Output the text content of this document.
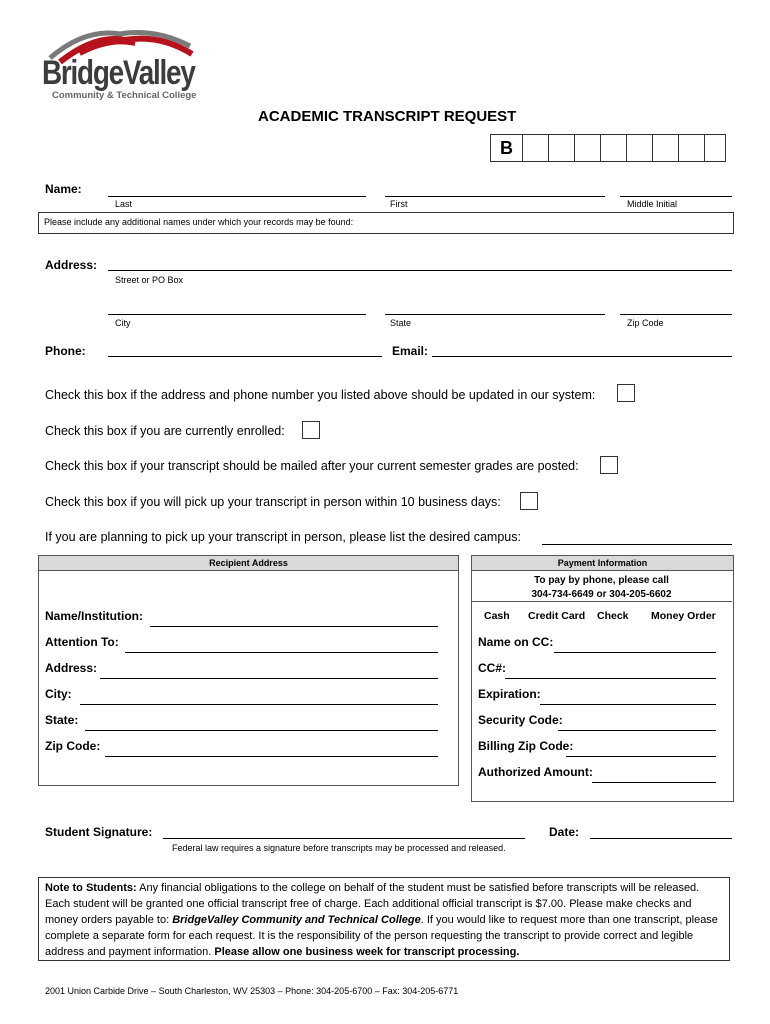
BridgeValley
Community & Technical College
ACADEMIC TRANSCRIPT REQUEST
B
Name:
Last	First	Middle Initial
Please include any additional names under which your records may be found:
Address:
Street or PO Box
City	State	Zip Code
Phone:	Email:
Check this box if the address and phone number you listed above should be updated in our system:
Check this box if you are currently enrolled:
Check this box if your transcript should be mailed after your current semester grades are posted:
Check this box if you will pick up your transcript in person within 10 business days:
If you are planning to pick up your transcript in person, please list the desired campus:
Recipient Address
Name/Institution:
Attention To:
Address:
City:
State:
Zip Code:
Payment Information
To pay by phone, please call
304-734-6649 or 304-205-6602
Cash Credit Card Check Money Order
Name on CC:
CC#:
Expiration:
Security Code:
Billing Zip Code:
Authorized Amount:
Student Signature:	Date:
Federal law requires a signature before transcripts may be processed and released.
Note to Students: Any financial obligations to the college on behalf of the student must be satisfied before transcripts will be released. Each student will be granted one official transcript free of charge. Each additional official transcript is $7.00. Please make checks and money orders payable to: BridgeValley Community and Technical College. If you would like to request more than one transcript, please complete a separate form for each request. It is the responsibility of the person requesting the transcript to provide correct and legible address and payment information. Please allow one business week for transcript processing.
2001 Union Carbide Drive – South Charleston, WV 25303 – Phone: 304-205-6700 – Fax: 304-205-6771
